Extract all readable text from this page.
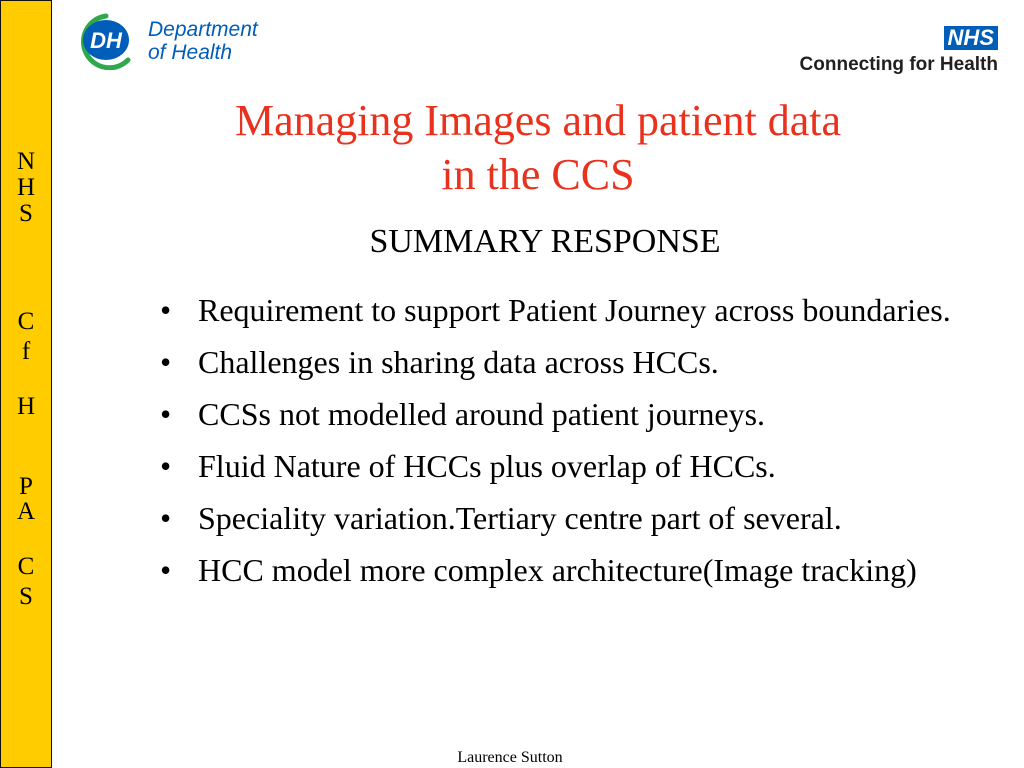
N
H
S
C
f
H
P
A
C
S
DH Department
of Health
NHS
Connecting for Health
Managing Images and patient data
in the CCS
SUMMARY RESPONSE
• Requirement to support Patient Journey across boundaries.
• Challenges in sharing data across HCCs.
• CCSs not modelled around patient journeys.
• Fluid Nature of HCCs plus overlap of HCCs.
• Speciality variation.Tertiary centre part of several.
• HCC model more complex architecture(Image tracking)
Laurence Sutton
